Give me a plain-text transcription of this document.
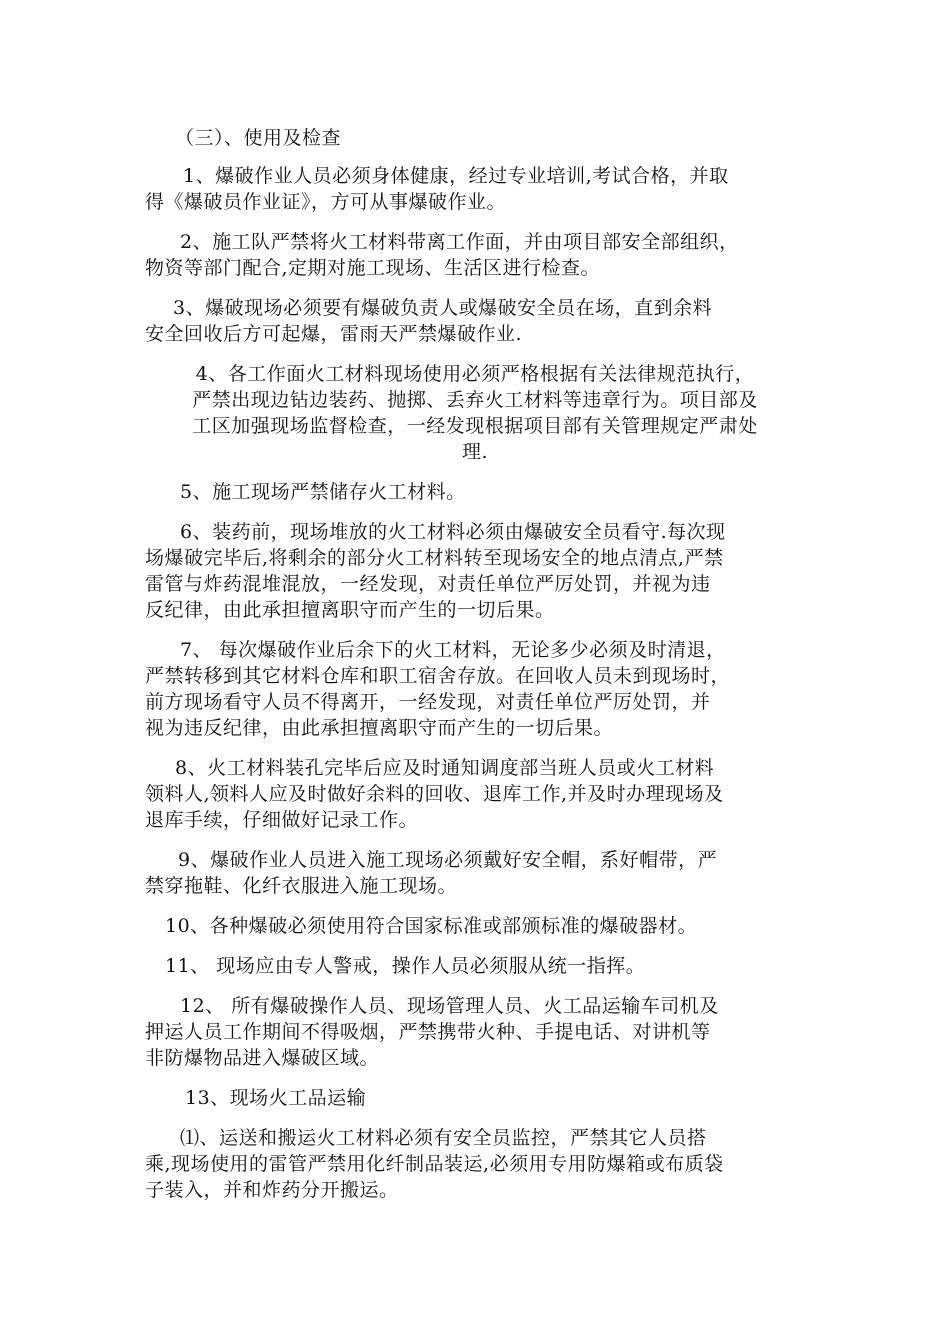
（三）、使用及检查
1、爆破作业人员必须身体健康，经过专业培训,考试合格，并取
得《爆破员作业证》，方可从事爆破作业。
2、施工队严禁将火工材料带离工作面，并由项目部安全部组织，
物资等部门配合,定期对施工现场、生活区进行检查。
3、爆破现场必须要有爆破负责人或爆破安全员在场，直到余料
安全回收后方可起爆，雷雨天严禁爆破作业.
4、各工作面火工材料现场使用必须严格根据有关法律规范执行，
严禁出现边钻边装药、抛掷、丢弃火工材料等违章行为。项目部及
工区加强现场监督检查，一经发现根据项目部有关管理规定严肃处
理.
5、施工现场严禁储存火工材料。
6、装药前，现场堆放的火工材料必须由爆破安全员看守.每次现
场爆破完毕后,将剩余的部分火工材料转至现场安全的地点清点,严禁
雷管与炸药混堆混放，一经发现，对责任单位严厉处罚，并视为违
反纪律，由此承担擅离职守而产生的一切后果。
7、 每次爆破作业后余下的火工材料，无论多少必须及时清退，
严禁转移到其它材料仓库和职工宿舍存放。在回收人员未到现场时，
前方现场看守人员不得离开，一经发现，对责任单位严厉处罚，并
视为违反纪律，由此承担擅离职守而产生的一切后果。
8、火工材料装孔完毕后应及时通知调度部当班人员或火工材料
领料人,领料人应及时做好余料的回收、退库工作,并及时办理现场及
退库手续，仔细做好记录工作。
9、爆破作业人员进入施工现场必须戴好安全帽，系好帽带，严
禁穿拖鞋、化纤衣服进入施工现场。
10、各种爆破必须使用符合国家标准或部颁标准的爆破器材。
11、 现场应由专人警戒，操作人员必须服从统一指挥。
12、 所有爆破操作人员、现场管理人员、火工品运输车司机及
押运人员工作期间不得吸烟，严禁携带火种、手提电话、对讲机等
非防爆物品进入爆破区域。
13、现场火工品运输
⑴、运送和搬运火工材料必须有安全员监控，严禁其它人员搭
乘,现场使用的雷管严禁用化纤制品装运,必须用专用防爆箱或布质袋
子装入，并和炸药分开搬运。
